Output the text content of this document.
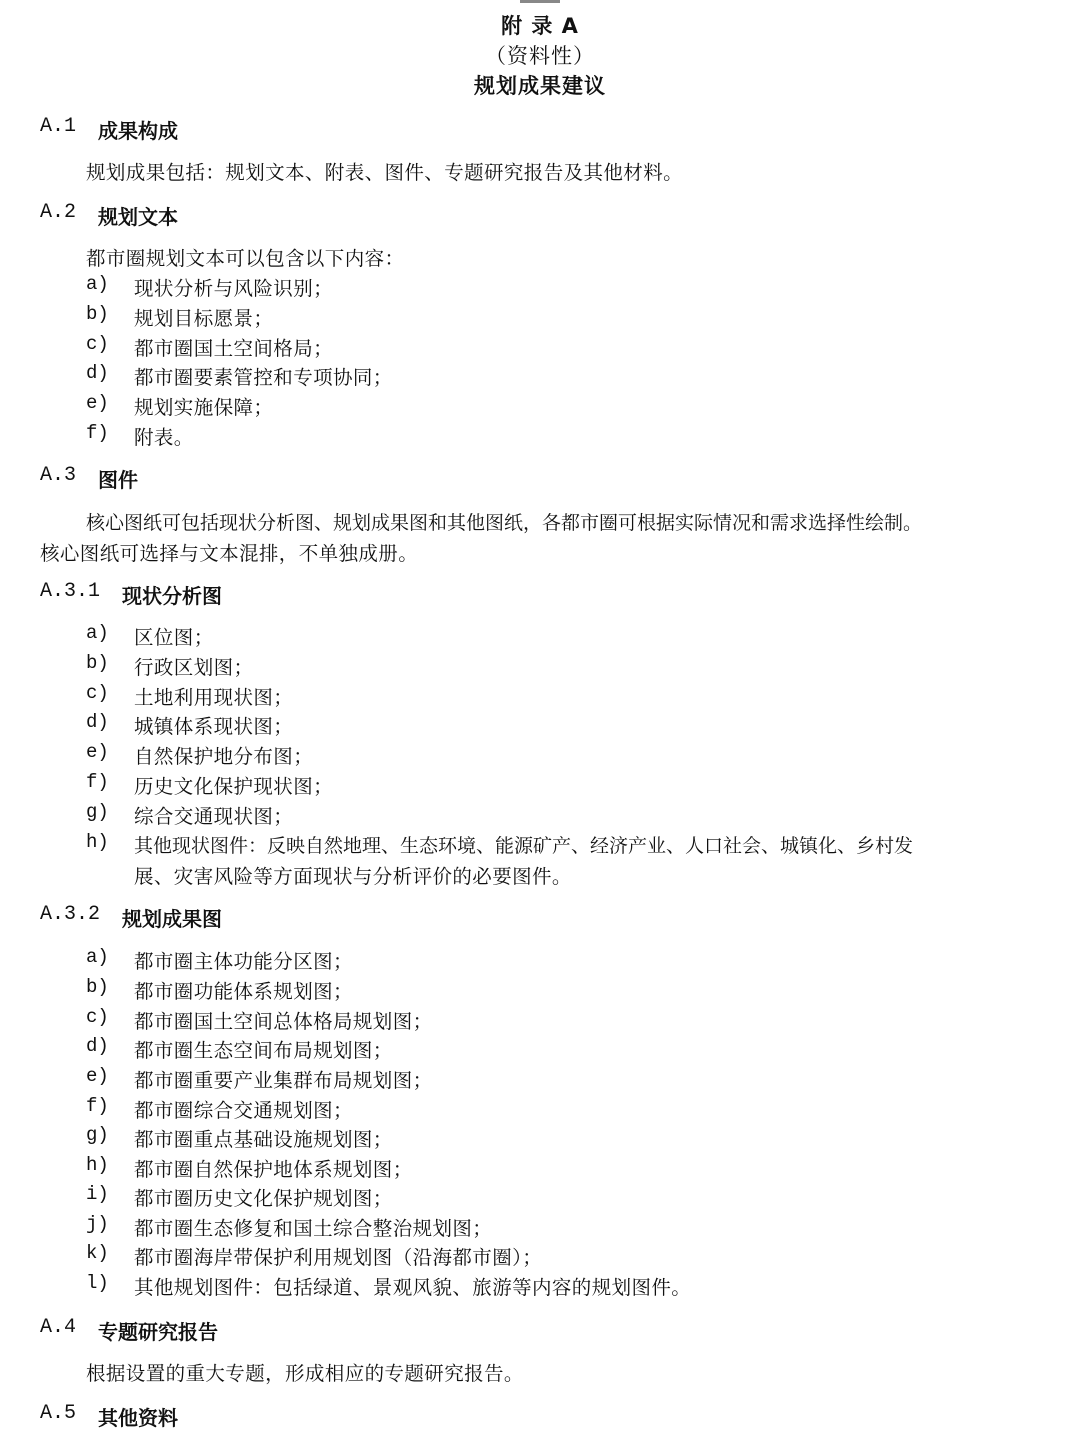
附 录 A
（资料性）
规划成果建议
A.1 成果构成
规划成果包括：规划文本、附表、图件、专题研究报告及其他材料。
A.2 规划文本
都市圈规划文本可以包含以下内容：
a) 现状分析与风险识别；
b) 规划目标愿景；
c) 都市圈国土空间格局；
d) 都市圈要素管控和专项协同；
e) 规划实施保障；
f) 附表。
A.3 图件
核心图纸可包括现状分析图、规划成果图和其他图纸，各都市圈可根据实际情况和需求选择性绘制。
核心图纸可选择与文本混排，不单独成册。
A.3.1 现状分析图
a) 区位图；
b) 行政区划图；
c) 土地利用现状图；
d) 城镇体系现状图；
e) 自然保护地分布图；
f) 历史文化保护现状图；
g) 综合交通现状图；
h) 其他现状图件：反映自然地理、生态环境、能源矿产、经济产业、人口社会、城镇化、乡村发
展、灾害风险等方面现状与分析评价的必要图件。
A.3.2 规划成果图
a) 都市圈主体功能分区图；
b) 都市圈功能体系规划图；
c) 都市圈国土空间总体格局规划图；
d) 都市圈生态空间布局规划图；
e) 都市圈重要产业集群布局规划图；
f) 都市圈综合交通规划图；
g) 都市圈重点基础设施规划图；
h) 都市圈自然保护地体系规划图；
i) 都市圈历史文化保护规划图；
j) 都市圈生态修复和国土综合整治规划图；
k) 都市圈海岸带保护利用规划图（沿海都市圈）；
l) 其他规划图件：包括绿道、景观风貌、旅游等内容的规划图件。
A.4 专题研究报告
根据设置的重大专题，形成相应的专题研究报告。
A.5 其他资料
